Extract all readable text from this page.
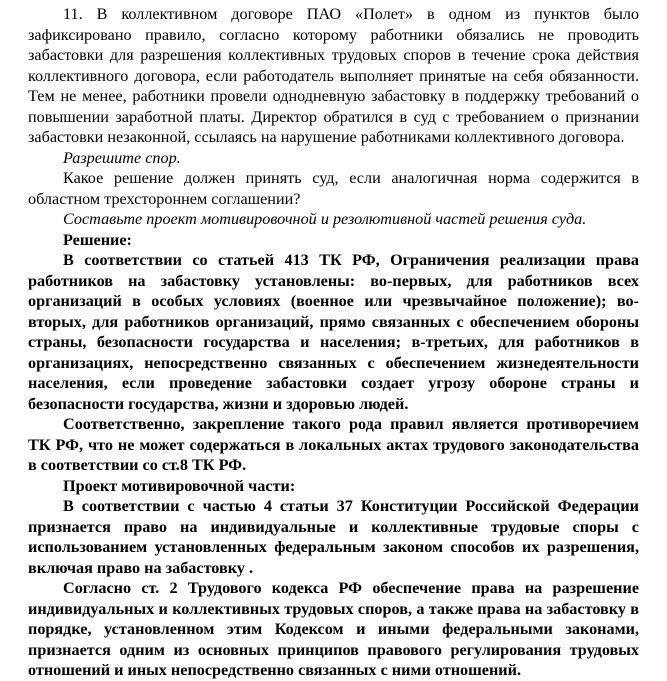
11. В коллективном договоре ПАО «Полет» в одном из пунктов было зафиксировано правило, согласно которому работники обязались не проводить забастовки для разрешения коллективных трудовых споров в течение срока действия коллективного договора, если работодатель выполняет принятые на себя обязанности. Тем не менее, работники провели однодневную забастовку в поддержку требований о повышении заработной платы. Директор обратился в суд с требованием о признании забастовки незаконной, ссылаясь на нарушение работниками коллективного договора.

Разрешите спор.

Какое решение должен принять суд, если аналогичная норма содержится в областном трехстороннем соглашении?

Составьте проект мотивировочной и резолютивной частей решения суда.

Решение:

В соответствии со статьей 413 ТК РФ, Ограничения реализации права работников на забастовку установлены: во-первых, для работников всех организаций в особых условиях (военное или чрезвычайное положение); во-вторых, для работников организаций, прямо связанных с обеспечением обороны страны, безопасности государства и населения; в-третьих, для работников в организациях, непосредственно связанных с обеспечением жизнедеятельности населения, если проведение забастовки создает угрозу обороне страны и безопасности государства, жизни и здоровью людей.

Соответственно, закрепление такого рода правил является противоречием ТК РФ, что не может содержаться в локальных актах трудового законодательства в соответствии со ст.8 ТК РФ.

Проект мотивировочной части:

В соответствии с частью 4 статьи 37 Конституции Российской Федерации признается право на индивидуальные и коллективные трудовые споры с использованием установленных федеральным законом способов их разрешения, включая право на забастовку .

Согласно ст. 2 Трудового кодекса РФ обеспечение права на разрешение индивидуальных и коллективных трудовых споров, а также права на забастовку в порядке, установленном этим Кодексом и иными федеральными законами, признается одним из основных принципов правового регулирования трудовых отношений и иных непосредственно связанных с ними отношений.
